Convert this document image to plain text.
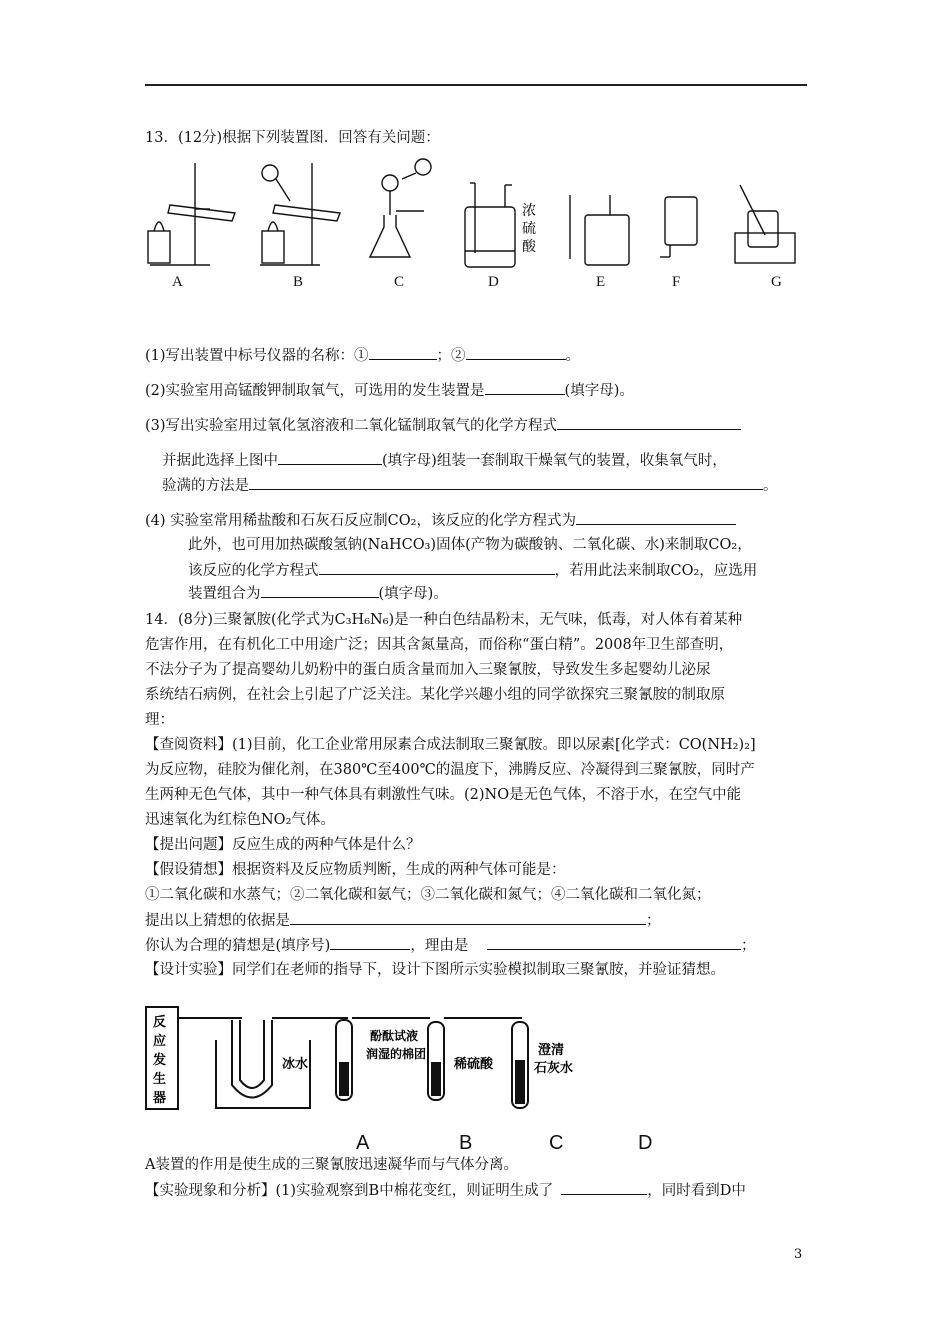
13．(12分)根据下列装置图．回答有关问题：
浓
硫
酸
A	B	C	D	E	F	G
(1)写出装置中标号仪器的名称：①	；②	。
(2)实验室用高锰酸钾制取氧气，可选用的发生装置是	(填字母)。
(3)写出实验室用过氧化氢溶液和二氧化锰制取氧气的化学方程式
并据此选择上图中	(填字母)组装一套制取干燥氧气的装置，收集氧气时，
验满的方法是	。
(4) 实验室常用稀盐酸和石灰石反应制CO₂，该反应的化学方程式为
此外，也可用加热碳酸氢钠(NaHCO₃)固体(产物为碳酸钠、二氧化碳、水)来制取CO₂，
该反应的化学方程式	，若用此法来制取CO₂，应选用
装置组合为	(填字母)。
14．(8分)三聚氰胺(化学式为C₃H₆N₆)是一种白色结晶粉末，无气味，低毒，对人体有着某种
危害作用，在有机化工中用途广泛；因其含氮量高，而俗称“蛋白精”。2008年卫生部查明，
不法分子为了提高婴幼儿奶粉中的蛋白质含量而加入三聚氰胺，导致发生多起婴幼儿泌尿
系统结石病例，在社会上引起了广泛关注。某化学兴趣小组的同学欲探究三聚氰胺的制取原
理：
【查阅资料】(1)目前，化工企业常用尿素合成法制取三聚氰胺。即以尿素[化学式：CO(NH₂)₂]
为反应物，硅胶为催化剂，在380℃至400℃的温度下，沸腾反应、冷凝得到三聚氰胺，同时产
生两种无色气体，其中一种气体具有刺激性气味。(2)NO是无色气体，不溶于水，在空气中能
迅速氧化为红棕色NO₂气体。
【提出问题】反应生成的两种气体是什么？
【假设猜想】根据资料及反应物质判断，生成的两种气体可能是：
①二氧化碳和水蒸气；②二氧化碳和氨气；③二氧化碳和氮气；④二氧化碳和二氧化氮；
提出以上猜想的依据是	；
你认为合理的猜想是(填序号)	，理由是	；
【设计实验】同学们在老师的指导下，设计下图所示实验模拟制取三聚氰胺，并验证猜想。
反
应
发
生
器
冰水
酚酞试液
润湿的棉团
稀硫酸
澄清
石灰水
A	B	C	D
A装置的作用是使生成的三聚氰胺迅速凝华而与气体分离。
【实验现象和分析】(1)实验观察到B中棉花变红，则证明生成了	，同时看到D中
3
